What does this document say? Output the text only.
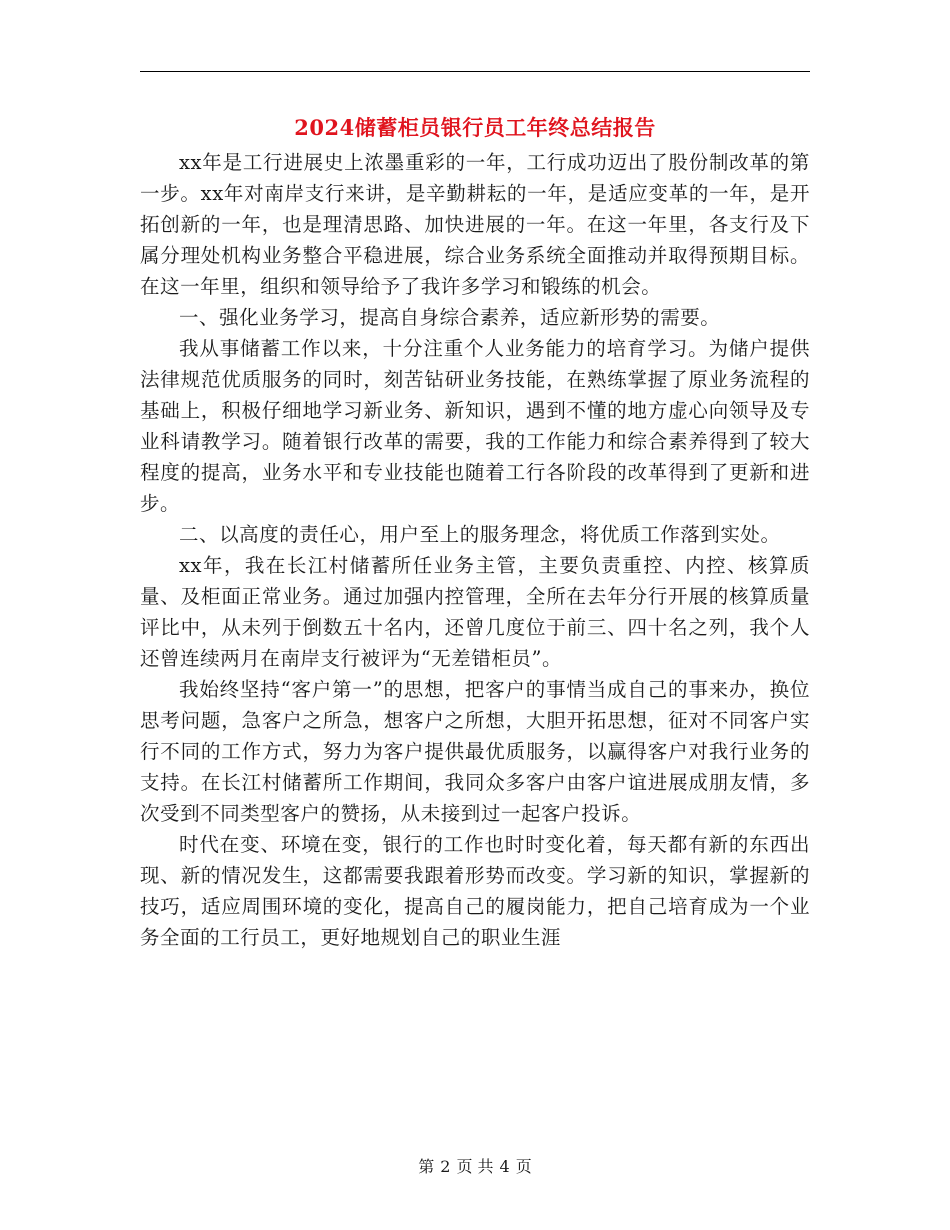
2024储蓄柜员银行员工年终总结报告

xx年是工行进展史上浓墨重彩的一年，工行成功迈出了股份制改革的第一步。xx年对南岸支行来讲，是辛勤耕耘的一年，是适应变革的一年，是开拓创新的一年，也是理清思路、加快进展的一年。在这一年里，各支行及下属分理处机构业务整合平稳进展，综合业务系统全面推动并取得预期目标。在这一年里，组织和领导给予了我许多学习和锻练的机会。

一、强化业务学习，提高自身综合素养，适应新形势的需要。

我从事储蓄工作以来，十分注重个人业务能力的培育学习。为储户提供法律规范优质服务的同时，刻苦钻研业务技能，在熟练掌握了原业务流程的基础上，积极仔细地学习新业务、新知识，遇到不懂的地方虚心向领导及专业科请教学习。随着银行改革的需要，我的工作能力和综合素养得到了较大程度的提高，业务水平和专业技能也随着工行各阶段的改革得到了更新和进步。

二、以高度的责任心，用户至上的服务理念，将优质工作落到实处。

xx年，我在长江村储蓄所任业务主管，主要负责重控、内控、核算质量、及柜面正常业务。通过加强内控管理，全所在去年分行开展的核算质量评比中，从未列于倒数五十名内，还曾几度位于前三、四十名之列，我个人还曾连续两月在南岸支行被评为“无差错柜员”。

我始终坚持“客户第一”的思想，把客户的事情当成自己的事来办，换位思考问题，急客户之所急，想客户之所想，大胆开拓思想，征对不同客户实行不同的工作方式，努力为客户提供最优质服务，以赢得客户对我行业务的支持。在长江村储蓄所工作期间，我同众多客户由客户谊进展成朋友情，多次受到不同类型客户的赞扬，从未接到过一起客户投诉。

时代在变、环境在变，银行的工作也时时变化着，每天都有新的东西出现、新的情况发生，这都需要我跟着形势而改变。学习新的知识，掌握新的技巧，适应周围环境的变化，提高自己的履岗能力，把自己培育成为一个业务全面的工行员工，更好地规划自己的职业生涯

第 2 页 共 4 页
